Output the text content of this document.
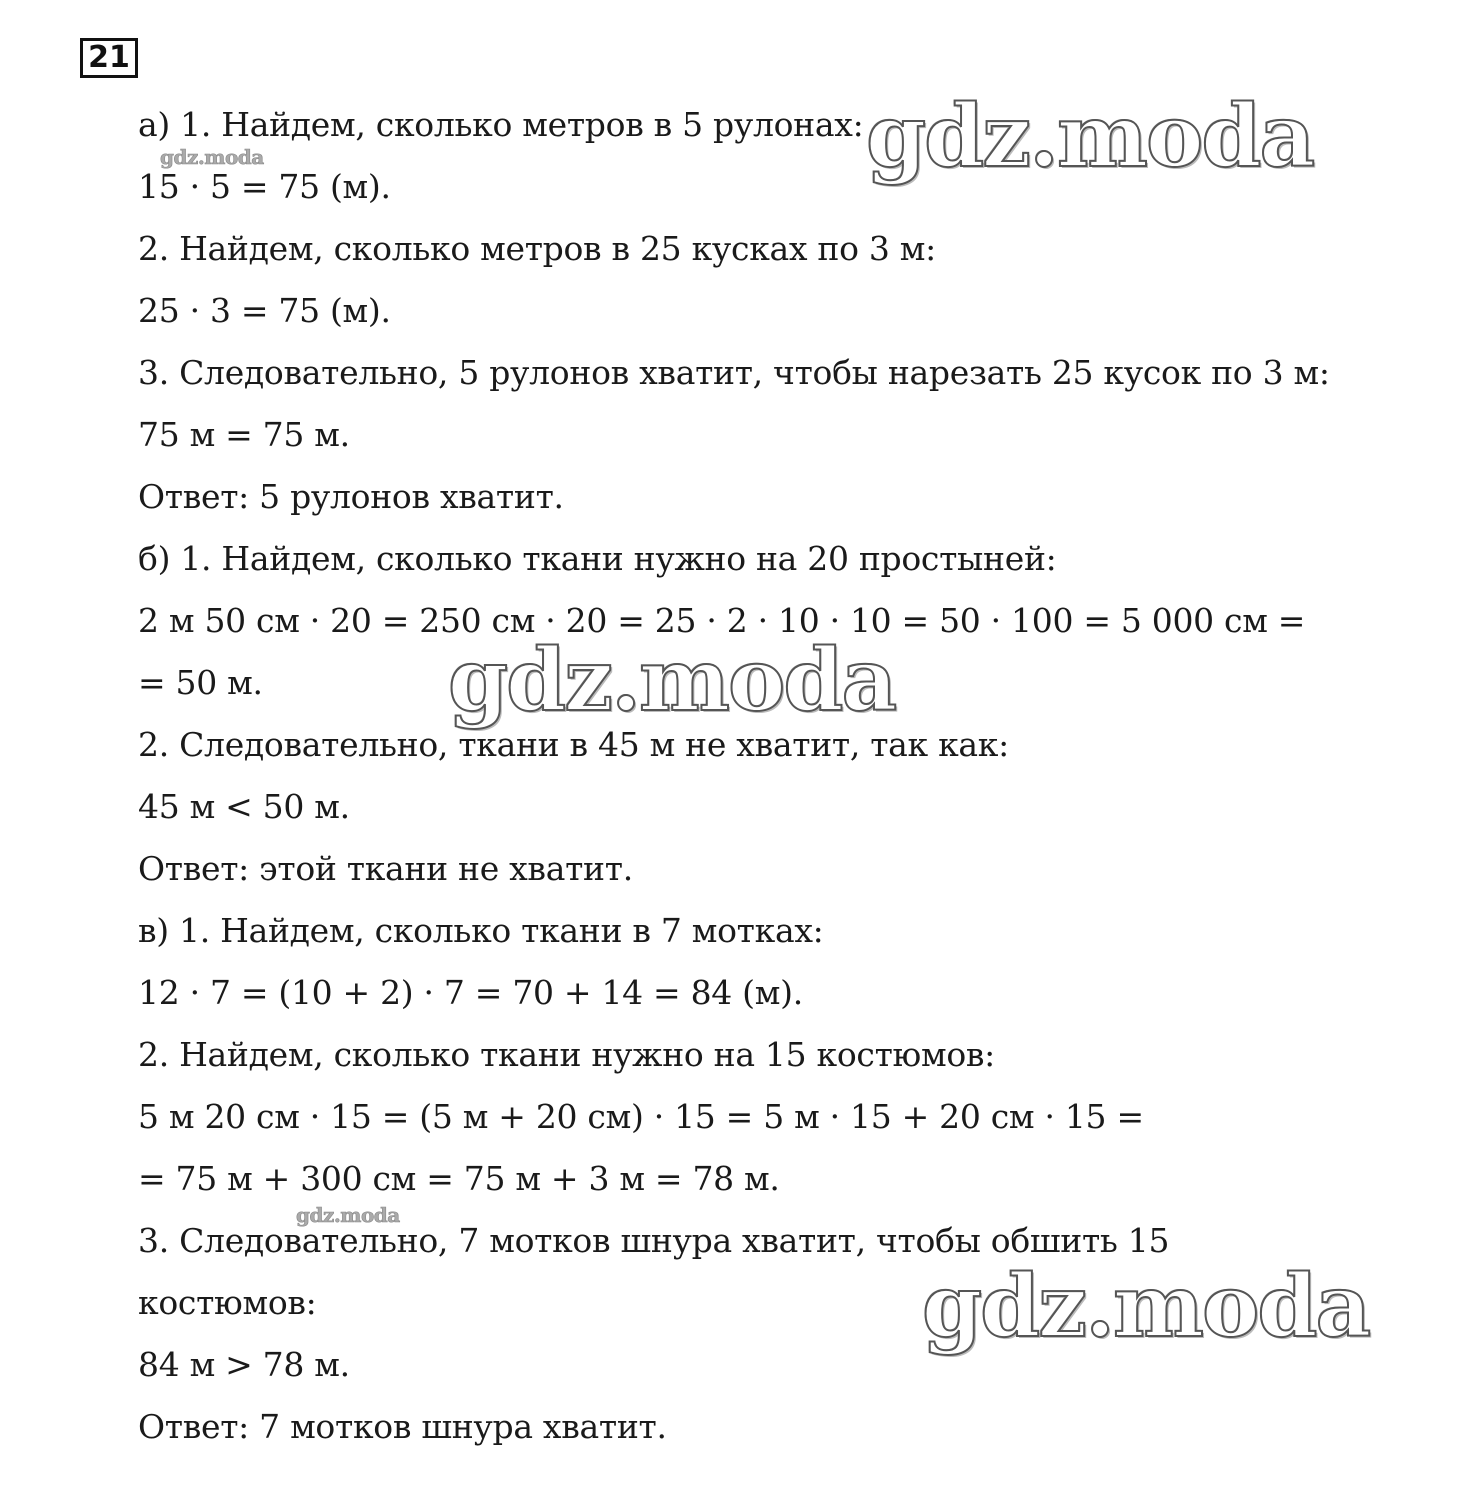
21
а) 1. Найдем, сколько метров в 5 рулонах:
15 · 5 = 75 (м).
2. Найдем, сколько метров в 25 кусках по 3 м:
25 · 3 = 75 (м).
3. Следовательно, 5 рулонов хватит, чтобы нарезать 25 кусок по 3 м:
75 м = 75 м.
Ответ: 5 рулонов хватит.
б) 1. Найдем, сколько ткани нужно на 20 простыней:
2 м 50 см · 20 = 250 см · 20 = 25 · 2 · 10 · 10 = 50 · 100 = 5 000 см =
= 50 м.
2. Следовательно, ткани в 45 м не хватит, так как:
45 м < 50 м.
Ответ: этой ткани не хватит.
в) 1. Найдем, сколько ткани в 7 мотках:
12 · 7 = (10 + 2) · 7 = 70 + 14 = 84 (м).
2. Найдем, сколько ткани нужно на 15 костюмов:
5 м 20 см · 15 = (5 м + 20 см) · 15 = 5 м · 15 + 20 см · 15 =
= 75 м + 300 см = 75 м + 3 м = 78 м.
3. Следовательно, 7 мотков шнура хватит, чтобы обшить 15
костюмов:
84 м > 78 м.
Ответ: 7 мотков шнура хватит.
gdz.moda
gdz.moda
gdz.moda
gdz.moda
gdz.moda
